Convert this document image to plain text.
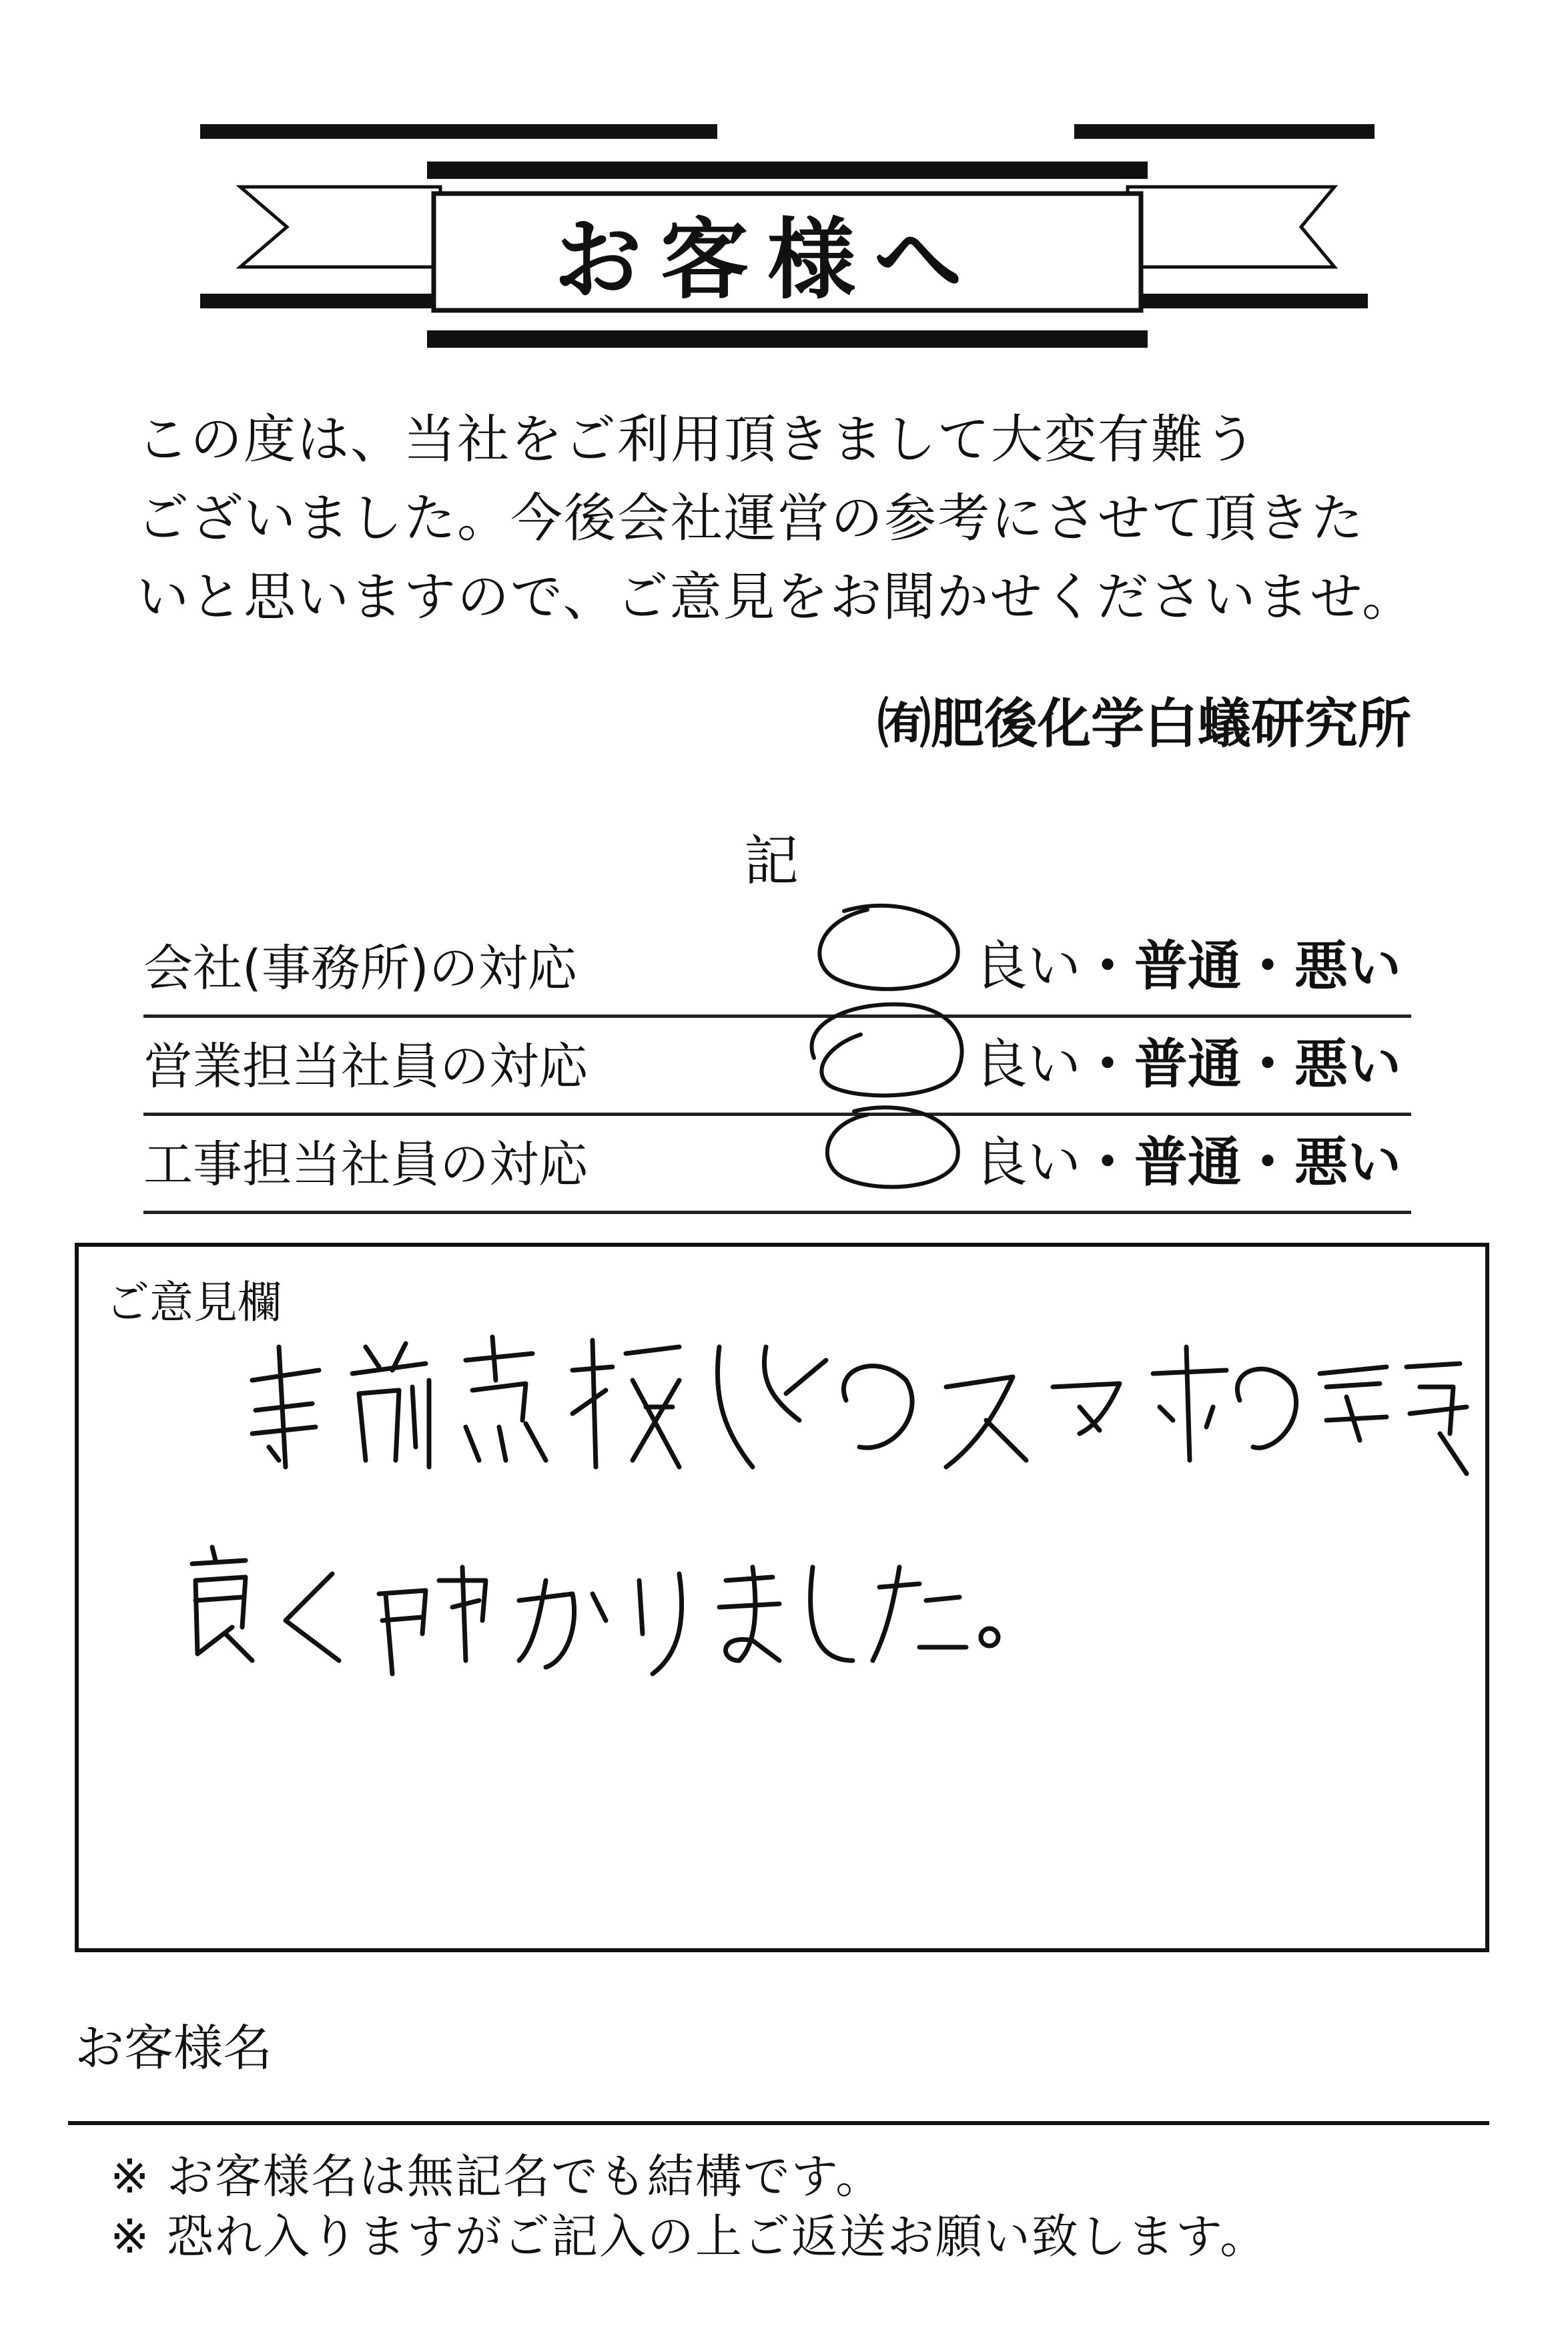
お客様へ
この度は、当社をご利用頂きまして大変有難う
ございました。今後会社運営の参考にさせて頂きた
いと思いますので、ご意見をお聞かせくださいませ。
㈲肥後化学白蟻研究所
記
会社(事務所)の対応	良い ・ 普通 ・ 悪い
営業担当社員の対応	良い ・ 普通 ・ 悪い
工事担当社員の対応	良い ・ 普通 ・ 悪い
ご意見欄
お客様名
※ お客様名は無記名でも結構です。
※ 恐れ入りますがご記入の上ご返送お願い致します。
